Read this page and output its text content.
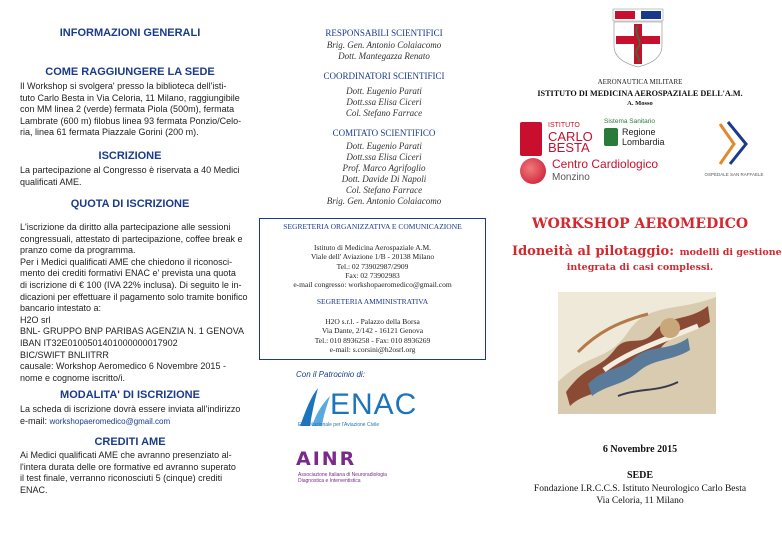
INFORMAZIONI GENERALI
COME RAGGIUNGERE LA SEDE
Il Workshop si svolgera' presso la biblioteca dell'isti-
tuto Carlo Besta in Via Celoria, 11 Milano, raggiungibile
con MM linea 2 (verde) fermata Piola (500m), fermata
Lambrate (600 m) filobus linea 93 fermata Ponzio/Celo-
ria, linea 61 fermata Piazzale Gorini (200 m).
ISCRIZIONE
La partecipazione al Congresso è riservata a 40 Medici
qualificati AME.
QUOTA DI ISCRIZIONE
L'iscrizione da diritto alla partecipazione alle sessioni
congressuali, attestato di partecipazione, coffee break e
pranzo come da programma.
Per i Medici qualificati AME che chiedono il riconosci-
mento dei crediti formativi ENAC e' prevista una quota
di iscrizione di € 100 (IVA 22% inclusa). Di seguito le in-
dicazioni per effettuare il pagamento solo tramite bonifico
bancario intestato a:
H2O srl
BNL- GRUPPO BNP PARIBAS AGENZIA N. 1 GENOVA
IBAN IT32E0100501401000000017902
BIC/SWIFT BNLIITRR
causale: Workshop Aeromedico 6 Novembre 2015 -
nome e cognome iscritto/i.
MODALITA' DI ISCRIZIONE
La scheda di iscrizione dovrà essere inviata all'indirizzo
e-mail: workshopaeromedico@gmail.com
CREDITI AME
Ai Medici qualificati AME che avranno presenziato al-
l'intera durata delle ore formative ed avranno superato
il test finale, verranno riconosciuti 5 (cinque) crediti
ENAC.
RESPONSABILI SCIENTIFICI
Brig. Gen. Antonio Colaiacomo
Dott. Mantegazza Renato
COORDINATORI SCIENTIFICI
Dott. Eugenio Parati
Dott.ssa Elisa Ciceri
Col. Stefano Farrace
COMITATO SCIENTIFICO
Dott. Eugenio Parati
Dott.ssa Elisa Ciceri
Prof. Marco Agrifoglio
Dott. Davide Di Napoli
Col. Stefano Farrace
Brig. Gen. Antonio Colaiacomo
SEGRETERIA ORGANIZZATIVA E COMUNICAZIONE
Istituto di Medicina Aerospaziale A.M.
Viale dell' Aviazione 1/B - 20138 Milano
Tel.: 02 73902987/2909
Fax: 02 73902983
e-mail congresso: workshopaeromedico@gmail.com
SEGRETERIA AMMINISTRATIVA
H2O s.r.l. - Palazzo della Borsa
Via Dante, 2/142 - 16121 Genova
Tel.: 010 8936258 - Fax: 010 8936269
e-mail: s.corsini@h2osrl.org
Con il Patrocinio di:
ENAC
Ente Nazionale per l'Aviazione Civile
AINR
Associazione Italiana di Neuroradiologia
Diagnostica e Interventistica
AERONAUTICA MILITARE
ISTITUTO DI MEDICINA AEROSPAZIALE DELL'A.M.
A. Mosso
ISTITUTO
CARLO
BESTA
Sistema Sanitario
Regione
Lombardia
OSPEDALE SAN RAFFAELE
Centro Cardiologico
Monzino
WORKSHOP AEROMEDICO
Idoneità al pilotaggio: modelli di gestione
integrata di casi complessi.
6 Novembre 2015
SEDE
Fondazione I.R.C.C.S. Istituto Neurologico Carlo Besta
Via Celoria, 11 Milano
